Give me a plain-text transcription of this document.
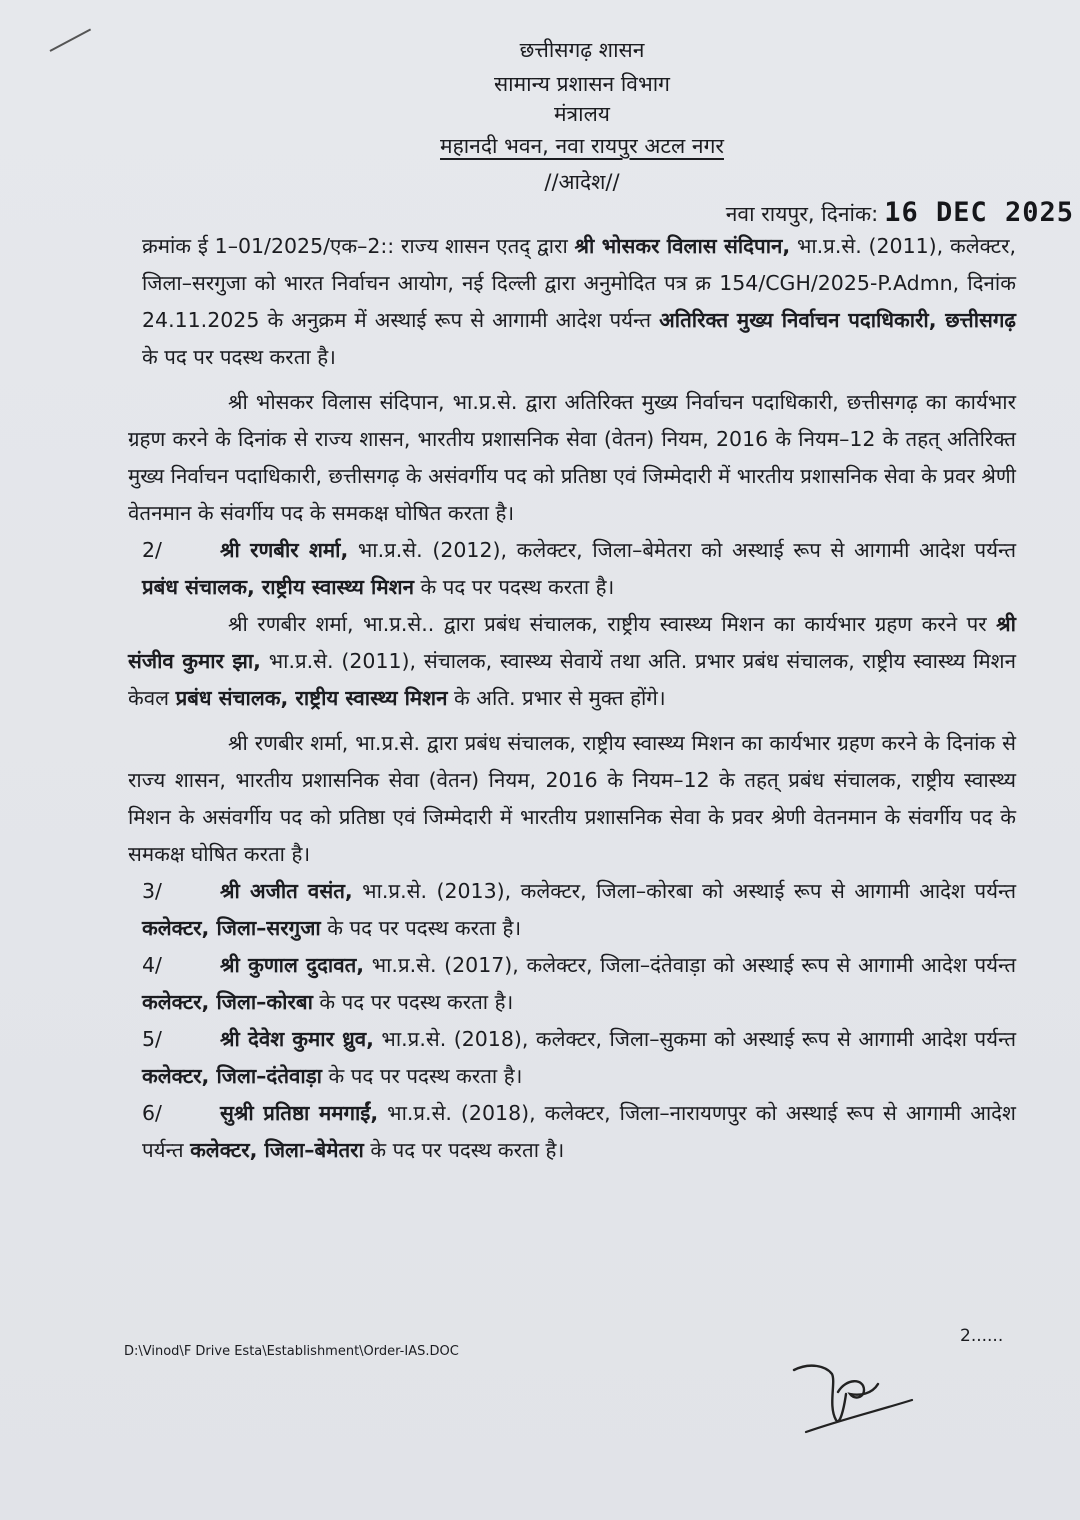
छत्तीसगढ़ शासन
सामान्य प्रशासन विभाग
मंत्रालय
महानदी भवन, नवा रायपुर अटल नगर
//आदेश//
नवा रायपुर, दिनांक: 16 DEC 2025

क्रमांक ई 1–01/2025/एक–2:: राज्य शासन एतद् द्वारा श्री भोसकर विलास संदिपान, भा.प्र.से. (2011), कलेक्टर, जिला–सरगुजा को भारत निर्वाचन आयोग, नई दिल्ली द्वारा अनुमोदित पत्र क्र 154/CGH/2025-P.Admn, दिनांक 24.11.2025 के अनुक्रम में अस्थाई रूप से आगामी आदेश पर्यन्त अतिरिक्त मुख्य निर्वाचन पदाधिकारी, छत्तीसगढ़ के पद पर पदस्थ करता है।

श्री भोसकर विलास संदिपान, भा.प्र.से. द्वारा अतिरिक्त मुख्य निर्वाचन पदाधिकारी, छत्तीसगढ़ का कार्यभार ग्रहण करने के दिनांक से राज्य शासन, भारतीय प्रशासनिक सेवा (वेतन) नियम, 2016 के नियम–12 के तहत् अतिरिक्त मुख्य निर्वाचन पदाधिकारी, छत्तीसगढ़ के असंवर्गीय पद को प्रतिष्ठा एवं जिम्मेदारी में भारतीय प्रशासनिक सेवा के प्रवर श्रेणी वेतनमान के संवर्गीय पद के समकक्ष घोषित करता है।

2/	श्री रणबीर शर्मा, भा.प्र.से. (2012), कलेक्टर, जिला–बेमेतरा को अस्थाई रूप से आगामी आदेश पर्यन्त प्रबंध संचालक, राष्ट्रीय स्वास्थ्य मिशन के पद पर पदस्थ करता है।

श्री रणबीर शर्मा, भा.प्र.से.. द्वारा प्रबंध संचालक, राष्ट्रीय स्वास्थ्य मिशन का कार्यभार ग्रहण करने पर श्री संजीव कुमार झा, भा.प्र.से. (2011), संचालक, स्वास्थ्य सेवायें तथा अति. प्रभार प्रबंध संचालक, राष्ट्रीय स्वास्थ्य मिशन केवल प्रबंध संचालक, राष्ट्रीय स्वास्थ्य मिशन के अति. प्रभार से मुक्त होंगे।

श्री रणबीर शर्मा, भा.प्र.से. द्वारा प्रबंध संचालक, राष्ट्रीय स्वास्थ्य मिशन का कार्यभार ग्रहण करने के दिनांक से राज्य शासन, भारतीय प्रशासनिक सेवा (वेतन) नियम, 2016 के नियम–12 के तहत् प्रबंध संचालक, राष्ट्रीय स्वास्थ्य मिशन के असंवर्गीय पद को प्रतिष्ठा एवं जिम्मेदारी में भारतीय प्रशासनिक सेवा के प्रवर श्रेणी वेतनमान के संवर्गीय पद के समकक्ष घोषित करता है।

3/	श्री अजीत वसंत, भा.प्र.से. (2013), कलेक्टर, जिला–कोरबा को अस्थाई रूप से आगामी आदेश पर्यन्त कलेक्टर, जिला–सरगुजा के पद पर पदस्थ करता है।

4/	श्री कुणाल दुदावत, भा.प्र.से. (2017), कलेक्टर, जिला–दंतेवाड़ा को अस्थाई रूप से आगामी आदेश पर्यन्त कलेक्टर, जिला–कोरबा के पद पर पदस्थ करता है।

5/	श्री देवेश कुमार ध्रुव, भा.प्र.से. (2018), कलेक्टर, जिला–सुकमा को अस्थाई रूप से आगामी आदेश पर्यन्त कलेक्टर, जिला–दंतेवाड़ा के पद पर पदस्थ करता है।

6/	सुश्री प्रतिष्ठा ममगाईं, भा.प्र.से. (2018), कलेक्टर, जिला–नारायणपुर को अस्थाई रूप से आगामी आदेश पर्यन्त कलेक्टर, जिला–बेमेतरा के पद पर पदस्थ करता है।

2......
D:\Vinod\F Drive Esta\Establishment\Order-IAS.DOC
